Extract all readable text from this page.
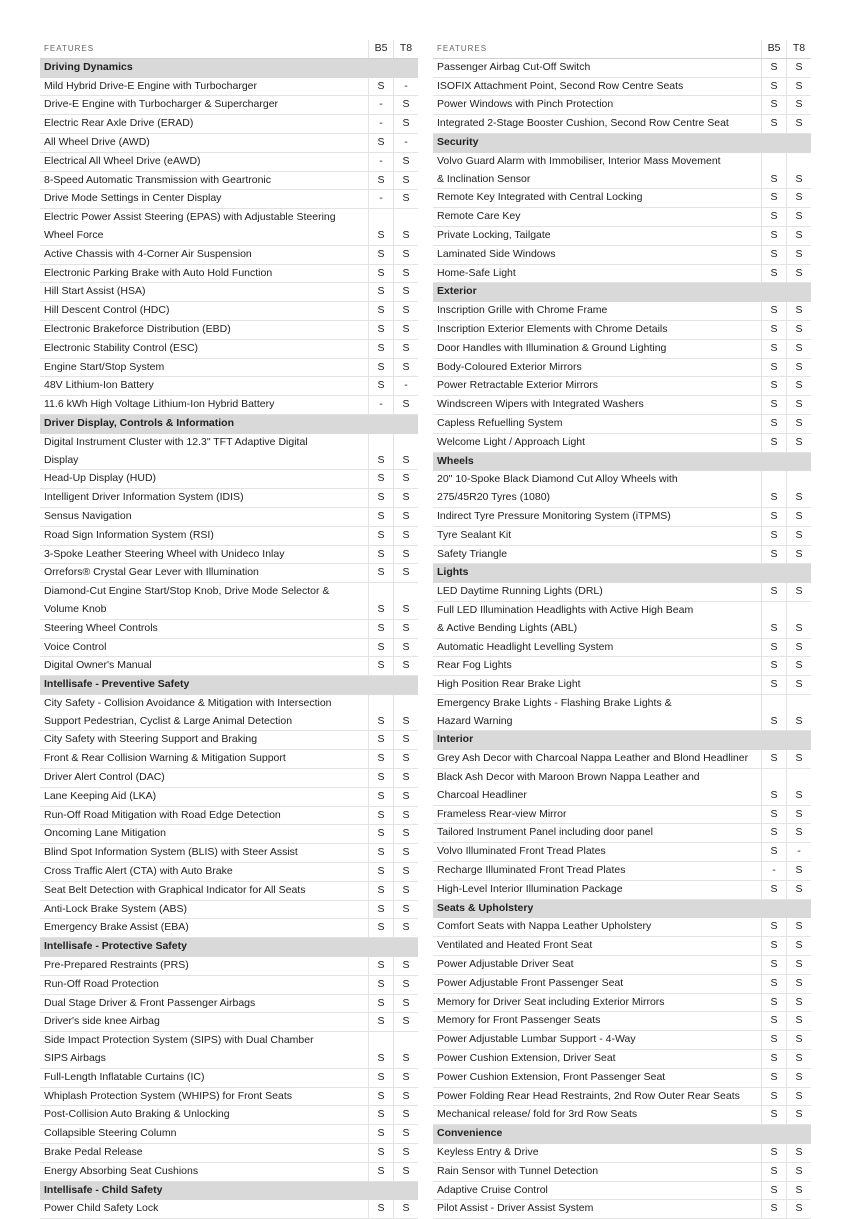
FEATURES	B5	T8
Driving Dynamics		
Mild Hybrid Drive-E Engine with Turbocharger	S	-
Drive-E Engine with Turbocharger & Supercharger	-	S
Electric Rear Axle Drive (ERAD)	-	S
All Wheel Drive (AWD)	S	-
Electrical All Wheel Drive (eAWD)	-	S
8-Speed Automatic Transmission with Geartronic	S	S
Drive Mode Settings in Center Display	-	S
Electric Power Assist Steering (EPAS) with Adjustable Steering		
Wheel Force	S	S
Active Chassis with 4-Corner Air Suspension	S	S
Electronic Parking Brake with Auto Hold Function	S	S
Hill Start Assist (HSA)	S	S
Hill Descent Control (HDC)	S	S
Electronic Brakeforce Distribution (EBD)	S	S
Electronic Stability Control (ESC)	S	S
Engine Start/Stop System	S	S
48V Lithium-Ion Battery	S	-
11.6 kWh High Voltage Lithium-Ion Hybrid Battery	-	S
Driver Display, Controls & Information		
Digital Instrument Cluster with 12.3" TFT Adaptive Digital		
Display	S	S
Head-Up Display (HUD)	S	S
Intelligent Driver Information System (IDIS)	S	S
Sensus Navigation	S	S
Road Sign Information System (RSI)	S	S
3-Spoke Leather Steering Wheel with Unideco Inlay	S	S
Orrefors® Crystal Gear Lever with Illumination	S	S
Diamond-Cut Engine Start/Stop Knob, Drive Mode Selector &		
Volume Knob	S	S
Steering Wheel Controls	S	S
Voice Control	S	S
Digital Owner's Manual	S	S
Intellisafe - Preventive Safety		
City Safety - Collision Avoidance & Mitigation with Intersection		
Support Pedestrian, Cyclist & Large Animal Detection	S	S
City Safety with Steering Support and Braking	S	S
Front & Rear Collision Warning & Mitigation Support	S	S
Driver Alert Control (DAC)	S	S
Lane Keeping Aid (LKA)	S	S
Run-Off Road Mitigation with Road Edge Detection	S	S
Oncoming Lane Mitigation	S	S
Blind Spot Information System (BLIS) with Steer Assist	S	S
Cross Traffic Alert (CTA) with Auto Brake	S	S
Seat Belt Detection with Graphical Indicator for All Seats	S	S
Anti-Lock Brake System (ABS)	S	S
Emergency Brake Assist (EBA)	S	S
Intellisafe - Protective Safety		
Pre-Prepared Restraints (PRS)	S	S
Run-Off Road Protection	S	S
Dual Stage Driver & Front Passenger Airbags	S	S
Driver's side knee Airbag	S	S
Side Impact Protection System (SIPS) with Dual Chamber		
SIPS Airbags	S	S
Full-Length Inflatable Curtains (IC)	S	S
Whiplash Protection System (WHIPS) for Front Seats	S	S
Post-Collision Auto Braking & Unlocking	S	S
Collapsible Steering Column	S	S
Brake Pedal Release	S	S
Energy Absorbing Seat Cushions	S	S
Intellisafe - Child Safety		
Power Child Safety Lock	S	S
FEATURES	B5	T8
Passenger Airbag Cut-Off Switch	S	S
ISOFIX Attachment Point, Second Row Centre Seats	S	S
Power Windows with Pinch Protection	S	S
Integrated 2-Stage Booster Cushion, Second Row Centre Seat	S	S
Security		
Volvo Guard Alarm with Immobiliser, Interior Mass Movement		
& Inclination Sensor	S	S
Remote Key Integrated with Central Locking	S	S
Remote Care Key	S	S
Private Locking, Tailgate	S	S
Laminated Side Windows	S	S
Home-Safe Light	S	S
Exterior		
Inscription Grille with Chrome Frame	S	S
Inscription Exterior Elements with Chrome Details	S	S
Door Handles with Illumination & Ground Lighting	S	S
Body-Coloured Exterior Mirrors	S	S
Power Retractable Exterior Mirrors	S	S
Windscreen Wipers with Integrated Washers	S	S
Capless Refuelling System	S	S
Welcome Light / Approach Light	S	S
Wheels		
20" 10-Spoke Black Diamond Cut Alloy Wheels with		
275/45R20 Tyres (1080)	S	S
Indirect Tyre Pressure Monitoring System (iTPMS)	S	S
Tyre Sealant Kit	S	S
Safety Triangle	S	S
Lights		
LED Daytime Running Lights (DRL)	S	S
Full LED Illumination Headlights with Active High Beam		
& Active Bending Lights (ABL)	S	S
Automatic Headlight Levelling System	S	S
Rear Fog Lights	S	S
High Position Rear Brake Light	S	S
Emergency Brake Lights - Flashing Brake Lights &		
Hazard Warning	S	S
Interior		
Grey Ash Decor with Charcoal Nappa Leather and Blond Headliner	S	S
Black Ash Decor with Maroon Brown Nappa Leather and		
Charcoal Headliner	S	S
Frameless Rear-view Mirror	S	S
Tailored Instrument Panel including door panel	S	S
Volvo Illuminated Front Tread Plates	S	-
Recharge Illuminated Front Tread Plates	-	S
High-Level Interior Illumination Package	S	S
Seats & Upholstery		
Comfort Seats with Nappa Leather Upholstery	S	S
Ventilated and Heated Front Seat	S	S
Power Adjustable Driver Seat	S	S
Power Adjustable Front Passenger Seat	S	S
Memory for Driver Seat including Exterior Mirrors	S	S
Memory for Front Passenger Seats	S	S
Power Adjustable Lumbar Support - 4-Way	S	S
Power Cushion Extension, Driver Seat	S	S
Power Cushion Extension, Front Passenger Seat	S	S
Power Folding Rear Head Restraints, 2nd Row Outer Rear Seats	S	S
Mechanical release/ fold for 3rd Row Seats	S	S
Convenience		
Keyless Entry & Drive	S	S
Rain Sensor with Tunnel Detection	S	S
Adaptive Cruise Control	S	S
Pilot Assist - Driver Assist System	S	S
